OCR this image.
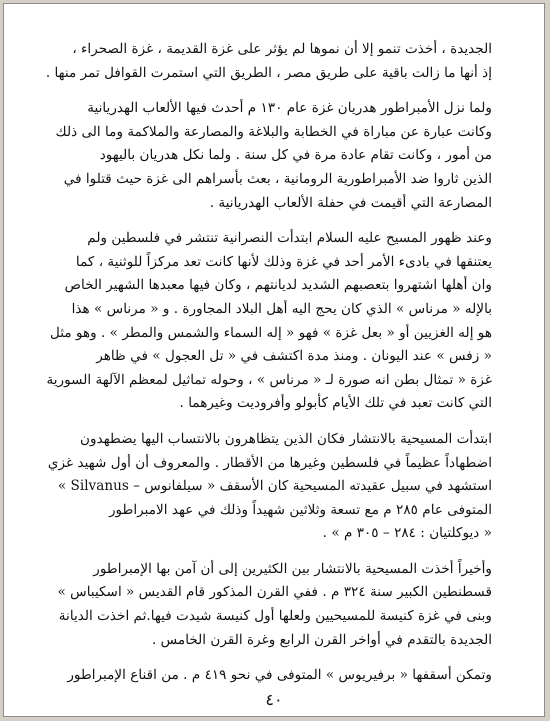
الجديدة ، أخذت تنمو إلا أن نموها لم يؤثر على غزة القديمة ، غزة الصحراء ،
إذ أنها ما زالت باقية على طريق مصر ، الطريق التي استمرت القوافل تمر منها .

ولما نزل الأمبراطور هدريان غزة عام ١٣٠ م أحدث فيها الألعاب الهدريانية
وكانت عبارة عن مباراة في الخطابة والبلاغة والمصارعة والملاكمة وما الى ذلك
من أمور ، وكانت تقام عادة مرة في كل سنة . ولما نكل هدريان باليهود
الذين ثاروا ضد الأمبراطورية الرومانية ، بعث بأسراهم الى غزة حيث قتلوا في
المصارعة التي أقيمت في حفلة الألعاب الهدريانية .

وعند ظهور المسيح عليه السلام ابتدأت النصرانية تنتشر في فلسطين ولم
يعتنقها في بادىء الأمر أحد في غزة وذلك لأنها كانت تعد مركزاً للوثنية ، كما
وان أهلها اشتهروا بتعصبهم الشديد لديانتهم ، وكان فيها معبدها الشهير الخاص
بالإله « مرناس » الذي كان يحج اليه أهل البلاد المجاورة . و « مرناس » هذا
هو إله الغزيين أو « بعل غزة » فهو « إله السماء والشمس والمطر » . وهو مثل
« زفس » عند اليونان . ومنذ مدة اكتشف في « تل العجول » في ظاهر
غزة « تمثال بطن انه صورة لـ « مرناس » ، وحوله تماثيل لمعظم الآلهة السورية
التي كانت تعبد في تلك الأيام كأبولو وأفروديت وغيرهما .

ابتدأت المسيحية بالانتشار فكان الذين يتظاهرون بالانتساب اليها يضطهدون
اضطهاداً عظيماً في فلسطين وغيرها من الأقطار . والمعروف أن أول شهيد غزي
استشهد في سبيل عقيدته المسيحية كان الأسقف « سيلفانوس – Silvanus »
المتوفى عام ٢٨٥ م مع تسعة وثلاثين شهيداً وذلك في عهد الامبراطور
« ديوكلتيان : ٢٨٤ – ٣٠٥ م » .

وأخيراً أخذت المسيحية بالانتشار بين الكثيرين إلى أن آمن بها الإمبراطور
قسطنطين الكبير سنة ٣٢٤ م . ففي القرن المذكور قام القديس « اسكيباس »
وبنى في غزة كنيسة للمسيحيين ولعلها أول كنيسة شيدت فيها.ثم اخذت الديانة
الجديدة بالتقدم في أواخر القرن الرابع وغرة القرن الخامس .

وتمكن أسقفها « برفيريوس » المتوفى في نحو ٤١٩ م . من اقناع الإمبراطور

٤٠
